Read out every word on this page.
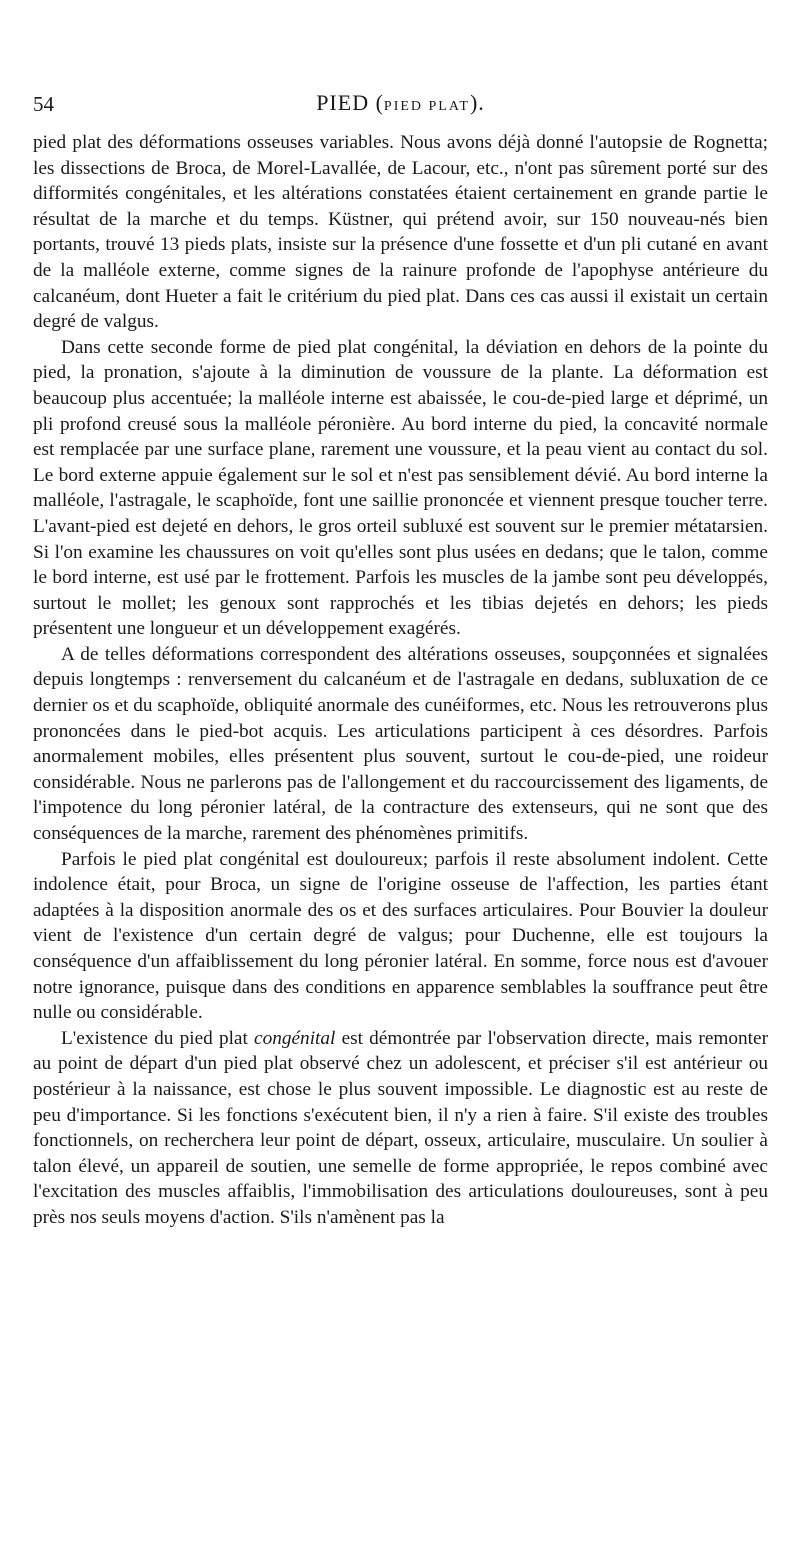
54	PIED (PIED PLAT).

pied plat des déformations osseuses variables. Nous avons déjà donné l'autopsie de Rognetta; les dissections de Broca, de Morel-Lavallée, de Lacour, etc., n'ont pas sûrement porté sur des difformités congénitales, et les altérations constatées étaient certainement en grande partie le résultat de la marche et du temps. Küstner, qui prétend avoir, sur 150 nouveau-nés bien portants, trouvé 13 pieds plats, insiste sur la présence d'une fossette et d'un pli cutané en avant de la malléole externe, comme signes de la rainure profonde de l'apophyse antérieure du calcanéum, dont Hueter a fait le critérium du pied plat. Dans ces cas aussi il existait un certain degré de valgus.

Dans cette seconde forme de pied plat congénital, la déviation en dehors de la pointe du pied, la pronation, s'ajoute à la diminution de voussure de la plante. La déformation est beaucoup plus accentuée; la malléole interne est abaissée, le cou-de-pied large et déprimé, un pli profond creusé sous la malléole péronière. Au bord interne du pied, la concavité normale est remplacée par une surface plane, rarement une voussure, et la peau vient au contact du sol. Le bord externe appuie également sur le sol et n'est pas sensiblement dévié. Au bord interne la malléole, l'astragale, le scaphoïde, font une saillie prononcée et viennent presque toucher terre. L'avant-pied est dejeté en dehors, le gros orteil subluxé est souvent sur le premier métatarsien. Si l'on examine les chaussures on voit qu'elles sont plus usées en dedans; que le talon, comme le bord interne, est usé par le frottement. Parfois les muscles de la jambe sont peu développés, surtout le mollet; les genoux sont rapprochés et les tibias dejetés en dehors; les pieds présentent une longueur et un développement exagérés.

A de telles déformations correspondent des altérations osseuses, soupçonnées et signalées depuis longtemps : renversement du calcanéum et de l'astragale en dedans, subluxation de ce dernier os et du scaphoïde, obliquité anormale des cunéiformes, etc. Nous les retrouverons plus prononcées dans le pied-bot acquis. Les articulations participent à ces désordres. Parfois anormalement mobiles, elles présentent plus souvent, surtout le cou-de-pied, une roideur considérable. Nous ne parlerons pas de l'allongement et du raccourcissement des ligaments, de l'impotence du long péronier latéral, de la contracture des extenseurs, qui ne sont que des conséquences de la marche, rarement des phénomènes primitifs.

Parfois le pied plat congénital est douloureux; parfois il reste absolument indolent. Cette indolence était, pour Broca, un signe de l'origine osseuse de l'affection, les parties étant adaptées à la disposition anormale des os et des surfaces articulaires. Pour Bouvier la douleur vient de l'existence d'un certain degré de valgus; pour Duchenne, elle est toujours la conséquence d'un affaiblissement du long péronier latéral. En somme, force nous est d'avouer notre ignorance, puisque dans des conditions en apparence semblables la souffrance peut être nulle ou considérable.

L'existence du pied plat congénital est démontrée par l'observation directe, mais remonter au point de départ d'un pied plat observé chez un adolescent, et préciser s'il est antérieur ou postérieur à la naissance, est chose le plus souvent impossible. Le diagnostic est au reste de peu d'importance. Si les fonctions s'exécutent bien, il n'y a rien à faire. S'il existe des troubles fonctionnels, on recherchera leur point de départ, osseux, articulaire, musculaire. Un soulier à talon élevé, un appareil de soutien, une semelle de forme appropriée, le repos combiné avec l'excitation des muscles affaiblis, l'immobilisation des articulations douloureuses, sont à peu près nos seuls moyens d'action. S'ils n'amènent pas la
